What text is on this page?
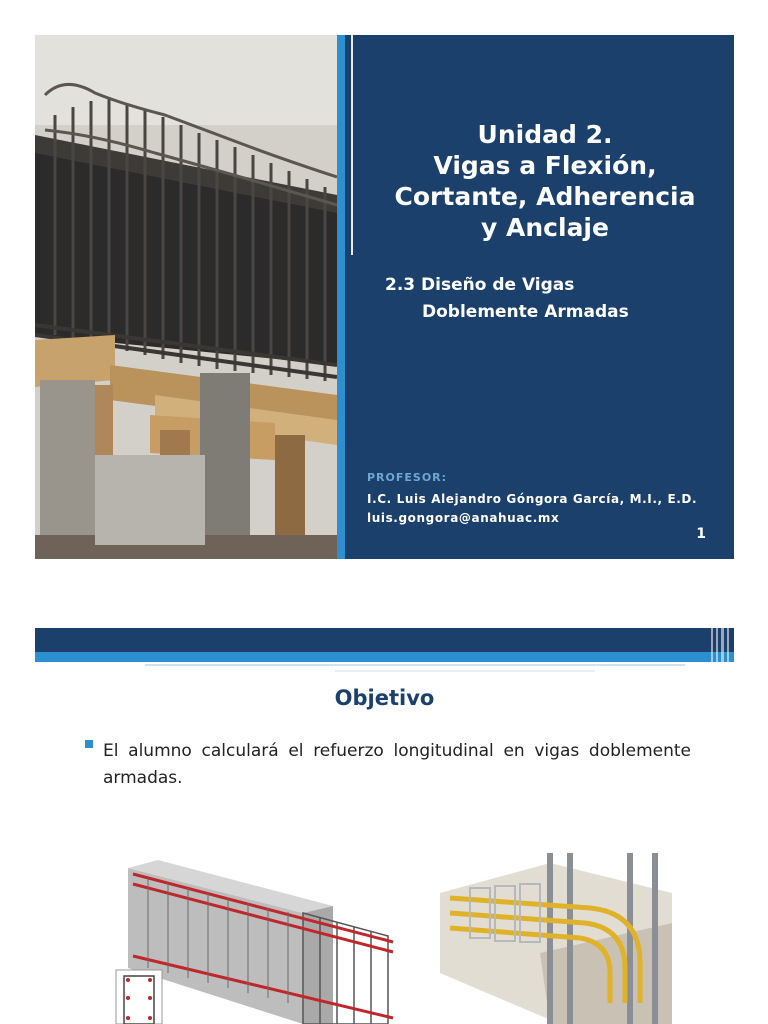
Unidad 2.
Vigas a Flexión,
Cortante, Adherencia
y Anclaje
2.3 Diseño de Vigas
Doblemente Armadas
PROFESOR:
I.C. Luis Alejandro Góngora García, M.I., E.D.
luis.gongora@anahuac.mx
1
Objetivo
El alumno calculará el refuerzo longitudinal en vigas doblemente armadas.
